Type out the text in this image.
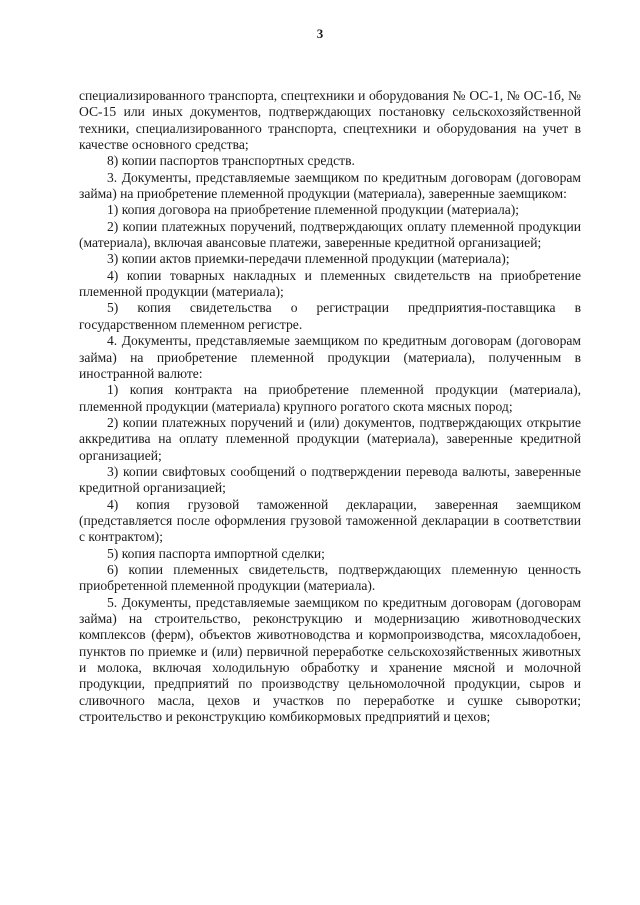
3

специализированного транспорта, спецтехники и оборудования № ОС-1, № ОС-1б, № ОС-15 или иных документов, подтверждающих постановку сельскохозяйственной техники, специализированного транспорта, спецтехники и оборудования на учет в качестве основного средства;

8) копии паспортов транспортных средств.

3. Документы, представляемые заемщиком по кредитным договорам (договорам займа) на приобретение племенной продукции (материала), заверенные заемщиком:

1) копия договора на приобретение племенной продукции (материала);

2) копии платежных поручений, подтверждающих оплату племенной продукции (материала), включая авансовые платежи, заверенные кредитной организацией;

3) копии актов приемки-передачи племенной продукции (материала);

4) копии товарных накладных и племенных свидетельств на приобретение племенной продукции (материала);

5) копия свидетельства о регистрации предприятия-поставщика в государственном племенном регистре.

4. Документы, представляемые заемщиком по кредитным договорам (договорам займа) на приобретение племенной продукции (материала), полученным в иностранной валюте:

1) копия контракта на приобретение племенной продукции (материала), племенной продукции (материала) крупного рогатого скота мясных пород;

2) копии платежных поручений и (или) документов, подтверждающих открытие аккредитива на оплату племенной продукции (материала), заверенные кредитной организацией;

3) копии свифтовых сообщений о подтверждении перевода валюты, заверенные кредитной организацией;

4) копия грузовой таможенной декларации, заверенная заемщиком (представляется после оформления грузовой таможенной декларации в соответствии с контрактом);

5) копия паспорта импортной сделки;

6) копии племенных свидетельств, подтверждающих племенную ценность приобретенной племенной продукции (материала).

5. Документы, представляемые заемщиком по кредитным договорам (договорам займа) на строительство, реконструкцию и модернизацию животноводческих комплексов (ферм), объектов животноводства и кормопроизводства, мясохладобоен, пунктов по приемке и (или) первичной переработке сельскохозяйственных животных и молока, включая холодильную обработку и хранение мясной и молочной продукции, предприятий по производству цельномолочной продукции, сыров и сливочного масла, цехов и участков по переработке и сушке сыворотки; строительство и реконструкцию комбикормовых предприятий и цехов;
